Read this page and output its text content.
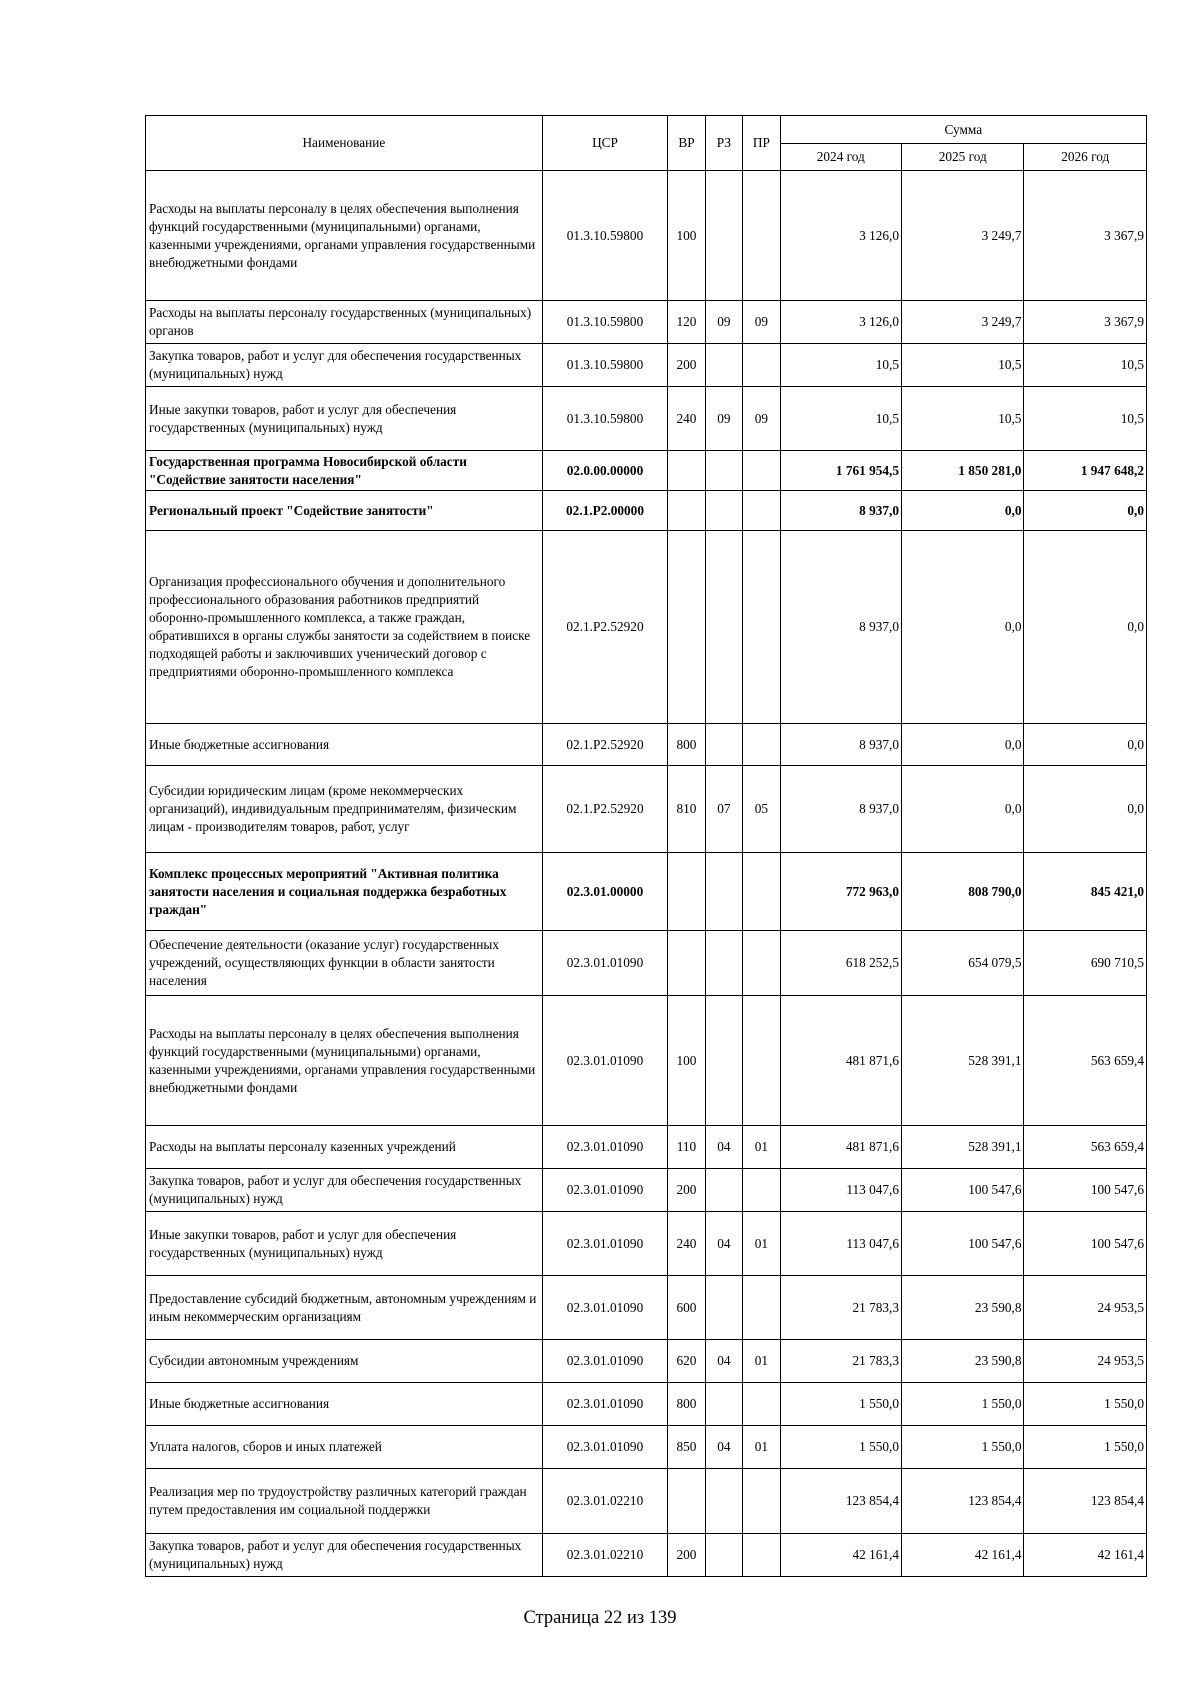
Наименование	ЦСР	ВР	РЗ	ПР	Сумма		
					2024 год	2025 год	2026 год
Расходы на выплаты персоналу в целях обеспечения выполнения функций государственными (муниципальными) органами, казенными учреждениями, органами управления государственными внебюджетными фондами	01.3.10.59800	100			3 126,0	3 249,7	3 367,9
Расходы на выплаты персоналу государственных (муниципальных) органов	01.3.10.59800	120	09	09	3 126,0	3 249,7	3 367,9
Закупка товаров, работ и услуг для обеспечения государственных (муниципальных) нужд	01.3.10.59800	200			10,5	10,5	10,5
Иные закупки товаров, работ и услуг для обеспечения государственных (муниципальных) нужд	01.3.10.59800	240	09	09	10,5	10,5	10,5
Государственная программа Новосибирской области "Содействие занятости населения"	02.0.00.00000				1 761 954,5	1 850 281,0	1 947 648,2
Региональный проект "Содействие занятости"	02.1.Р2.00000				8 937,0	0,0	0,0
Организация профессионального обучения и дополнительного профессионального образования работников предприятий оборонно-промышленного комплекса, а также граждан, обратившихся в органы службы занятости за содействием в поиске подходящей работы и заключивших ученический договор с предприятиями оборонно-промышленного комплекса	02.1.Р2.52920				8 937,0	0,0	0,0
Иные бюджетные ассигнования	02.1.Р2.52920	800			8 937,0	0,0	0,0
Субсидии юридическим лицам (кроме некоммерческих организаций), индивидуальным предпринимателям, физическим лицам - производителям товаров, работ, услуг	02.1.Р2.52920	810	07	05	8 937,0	0,0	0,0
Комплекс процессных мероприятий "Активная политика занятости населения и социальная поддержка безработных граждан"	02.3.01.00000				772 963,0	808 790,0	845 421,0
Обеспечение деятельности (оказание услуг) государственных учреждений, осуществляющих функции в области занятости населения	02.3.01.01090				618 252,5	654 079,5	690 710,5
Расходы на выплаты персоналу в целях обеспечения выполнения функций государственными (муниципальными) органами, казенными учреждениями, органами управления государственными внебюджетными фондами	02.3.01.01090	100			481 871,6	528 391,1	563 659,4
Расходы на выплаты персоналу казенных учреждений	02.3.01.01090	110	04	01	481 871,6	528 391,1	563 659,4
Закупка товаров, работ и услуг для обеспечения государственных (муниципальных) нужд	02.3.01.01090	200			113 047,6	100 547,6	100 547,6
Иные закупки товаров, работ и услуг для обеспечения государственных (муниципальных) нужд	02.3.01.01090	240	04	01	113 047,6	100 547,6	100 547,6
Предоставление субсидий бюджетным, автономным учреждениям и иным некоммерческим организациям	02.3.01.01090	600			21 783,3	23 590,8	24 953,5
Субсидии автономным учреждениям	02.3.01.01090	620	04	01	21 783,3	23 590,8	24 953,5
Иные бюджетные ассигнования	02.3.01.01090	800			1 550,0	1 550,0	1 550,0
Уплата налогов, сборов и иных платежей	02.3.01.01090	850	04	01	1 550,0	1 550,0	1 550,0
Реализация мер по трудоустройству различных категорий граждан путем предоставления им социальной поддержки	02.3.01.02210				123 854,4	123 854,4	123 854,4
Закупка товаров, работ и услуг для обеспечения государственных (муниципальных) нужд	02.3.01.02210	200			42 161,4	42 161,4	42 161,4
Страница 22 из 139
